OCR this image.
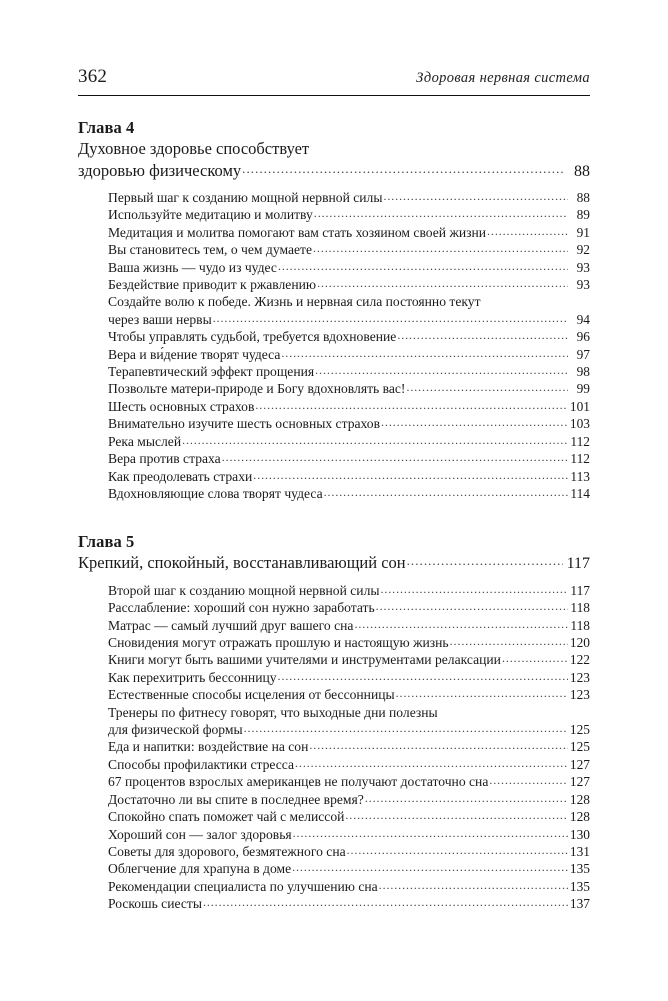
362	Здоровая нервная система
Глава 4
Духовное здоровье способствует
здоровью физическому .....	88
Первый шаг к созданию мощной нервной силы .....	88
Используйте медитацию и молитву .....	89
Медитация и молитва помогают вам стать хозяином своей жизни .....	91
Вы становитесь тем, о чем думаете .....	92
Ваша жизнь — чудо из чудес .....	93
Бездействие приводит к ржавлению .....	93
Создайте волю к победе. Жизнь и нервная сила постоянно текут
через ваши нервы .....	94
Чтобы управлять судьбой, требуется вдохновение .....	96
Вера и ви́дение творят чудеса .....	97
Терапевтический эффект прощения .....	98
Позвольте матери-природе и Богу вдохновлять вас! .....	99
Шесть основных страхов .....	101
Внимательно изучите шесть основных страхов .....	103
Река мыслей .....	112
Вера против страха .....	112
Как преодолевать страхи .....	113
Вдохновляющие слова творят чудеса .....	114
Глава 5
Крепкий, спокойный, восстанавливающий сон .....	117
Второй шаг к созданию мощной нервной силы .....	117
Расслабление: хороший сон нужно заработать .....	118
Матрас — самый лучший друг вашего сна .....	118
Сновидения могут отражать прошлую и настоящую жизнь .....	120
Книги могут быть вашими учителями и инструментами релаксации .....	122
Как перехитрить бессонницу .....	123
Естественные способы исцеления от бессонницы .....	123
Тренеры по фитнесу говорят, что выходные дни полезны
для физической формы .....	125
Еда и напитки: воздействие на сон .....	125
Способы профилактики стресса .....	127
67 процентов взрослых американцев не получают достаточно сна .....	127
Достаточно ли вы спите в последнее время? .....	128
Спокойно спать поможет чай с мелиссой .....	128
Хороший сон — залог здоровья .....	130
Советы для здорового, безмятежного сна .....	131
Облегчение для храпуна в доме .....	135
Рекомендации специалиста по улучшению сна .....	135
Роскошь сиесты .....	137
